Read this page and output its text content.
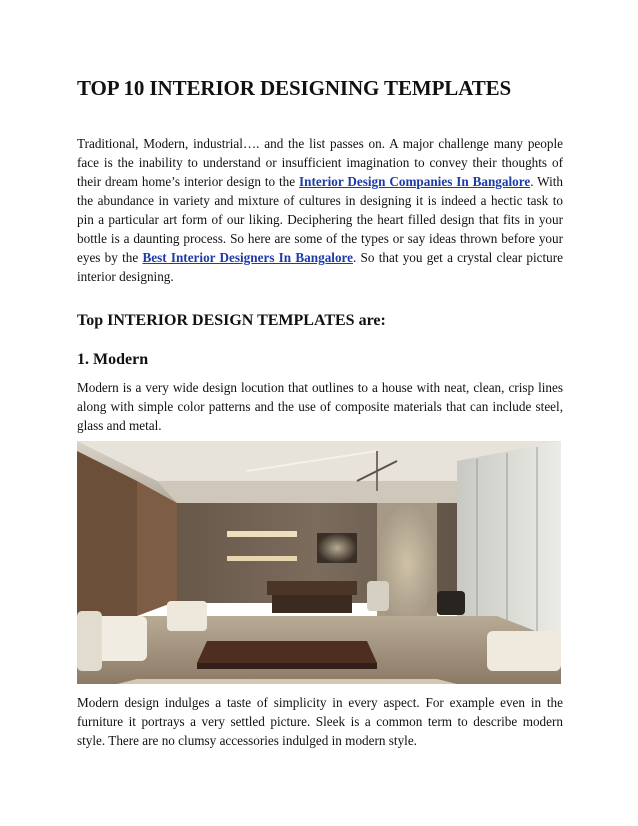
TOP 10 INTERIOR DESIGNING TEMPLATES

Traditional, Modern, industrial…. and the list passes on. A major challenge many people face is the inability to understand or insufficient imagination to convey their thoughts of their dream home’s interior design to the Interior Design Companies In Bangalore. With the abundance in variety and mixture of cultures in designing it is indeed a hectic task to pin a particular art form of our liking. Deciphering the heart filled design that fits in your bottle is a daunting process. So here are some of the types or say ideas thrown before your eyes by the Best Interior Designers In Bangalore. So that you get a crystal clear picture interior designing.

Top INTERIOR DESIGN TEMPLATES are:
1. Modern

Modern is a very wide design locution that outlines to a house with neat, clean, crisp lines along with simple color patterns and the use of composite materials that can include steel, glass and metal.

Modern design indulges a taste of simplicity in every aspect. For example even in the furniture it portrays a very settled picture. Sleek is a common term to describe modern style. There are no clumsy accessories indulged in modern style.
